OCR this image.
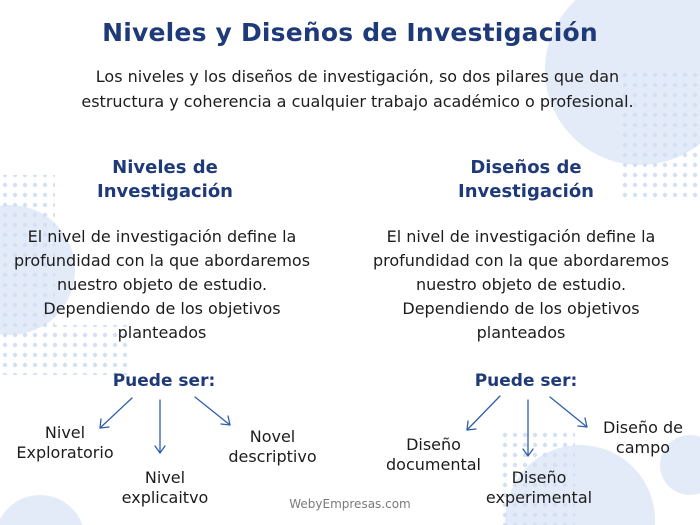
Niveles y Diseños de Investigación
Los niveles y los diseños de investigación, so dos pilares que dan estructura y coherencia a cualquier trabajo académico o profesional.
Niveles de
Investigación
El nivel de investigación define la profundidad con la que abordaremos nuestro objeto de estudio. Dependiendo de los objetivos planteados
Puede ser:
Nivel
Exploratorio
Nivel
explicaitvo
Novel
descriptivo
Diseños de
Investigación
El nivel de investigación define la profundidad con la que abordaremos nuestro objeto de estudio. Dependiendo de los objetivos planteados
Puede ser:
Diseño
documental
Diseño
experimental
Diseño de
campo
WebyEmpresas.com
